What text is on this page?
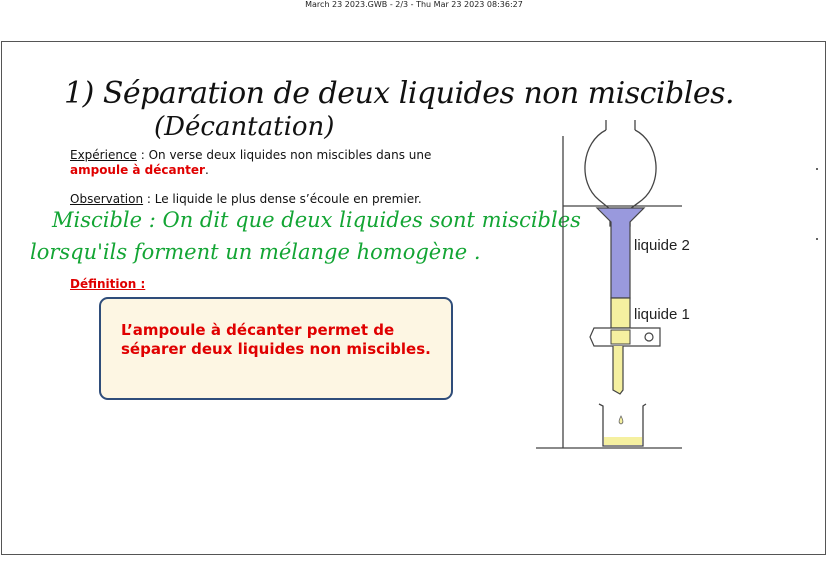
March 23 2023.GWB - 2/3 - Thu Mar 23 2023 08:36:27
1) Séparation de deux liquides non miscibles.
(Décantation)
Expérience : On verse deux liquides non miscibles dans une
ampoule à décanter.
Observation : Le liquide le plus dense s’écoule en premier.
Miscible : On dit que deux liquides sont miscibles
lorsqu'ils forment un mélange homogène .
Définition :
L’ampoule à décanter permet de séparer deux liquides non miscibles.
liquide 2
liquide 1
